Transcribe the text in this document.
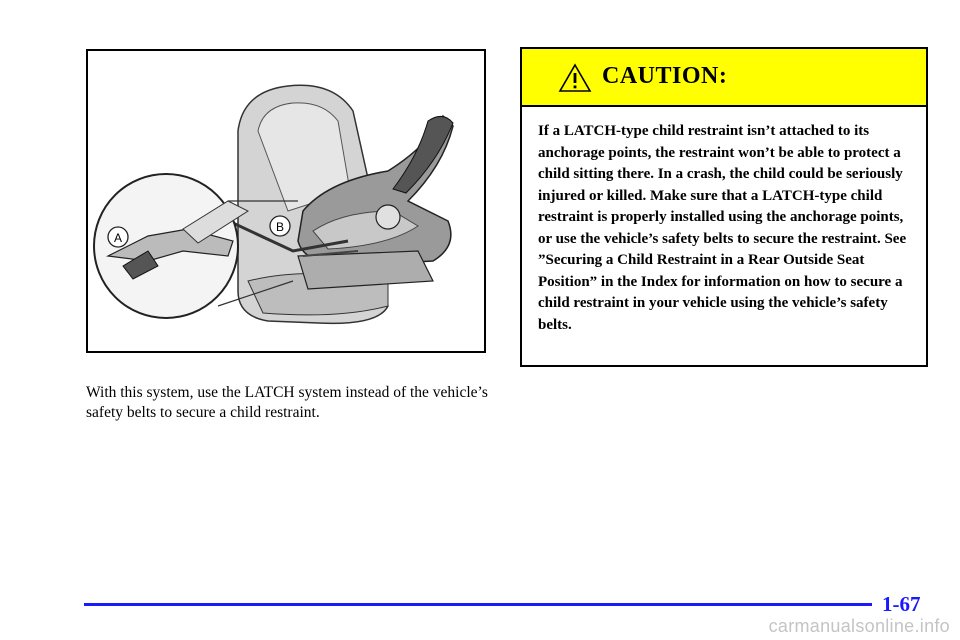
A
B
With this system, use the LATCH system instead of the vehicle’s safety belts to secure a child restraint.
CAUTION:
If a LATCH-type child restraint isn’t attached to its anchorage points, the restraint won’t be able to protect a child sitting there. In a crash, the child could be seriously injured or killed. Make sure that a LATCH-type child restraint is properly installed using the anchorage points, or use the vehicle’s safety belts to secure the restraint. See ”Securing a Child Restraint in a Rear Outside Seat Position” in the Index for information on how to secure a child restraint in your vehicle using the vehicle’s safety belts.
1-67
carmanualsonline.info
